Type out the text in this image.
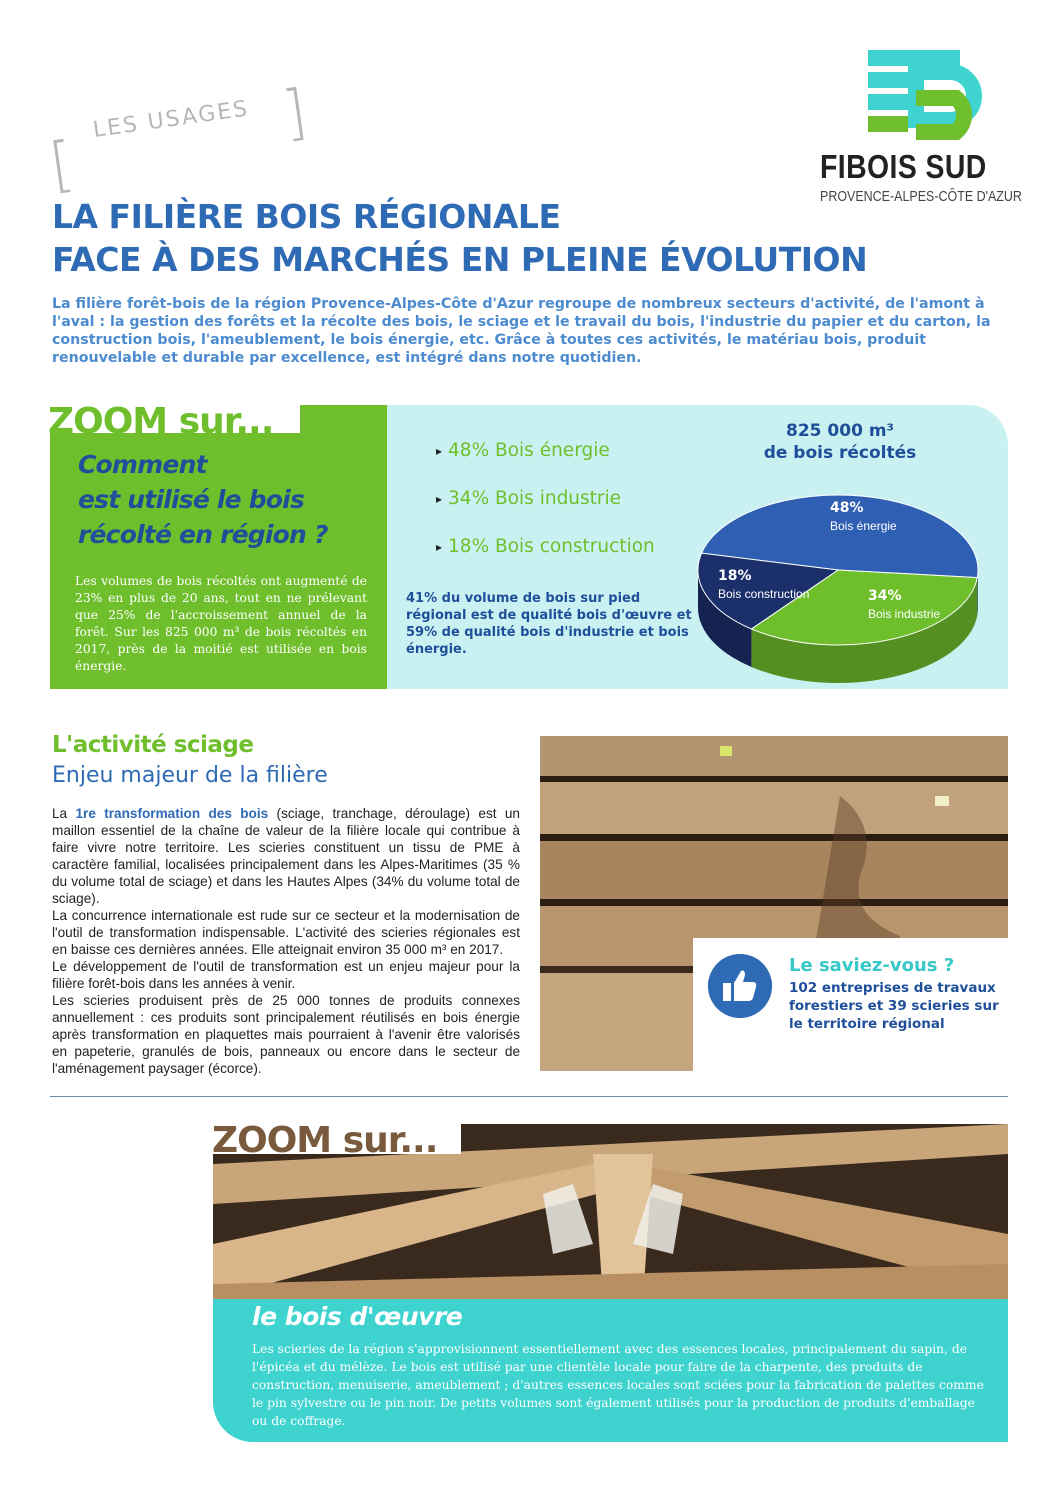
[
LES USAGES ]
LA FILIÈRE BOIS RÉGIONALE
FACE À DES MARCHÉS EN PLEINE ÉVOLUTION
FIBOIS SUD
PROVENCE-ALPES-CÔTE D'AZUR

La filière forêt-bois de la région Provence-Alpes-Côte d'Azur regroupe de nombreux secteurs d'activité, de l'amont à l'aval : la gestion des forêts et la récolte des bois, le sciage et le travail du bois, l'industrie du papier et du carton, la construction bois, l'ameublement, le bois énergie, etc. Grâce à toutes ces activités, le matériau bois, produit renouvelable et durable par excellence, est intégré dans notre quotidien.

ZOOM sur...
Comment
est utilisé le bois
récolté en région ?

Les volumes de bois récoltés ont augmenté de 23% en plus de 20 ans, tout en ne prélevant que 25% de l'accroissement annuel de la forêt. Sur les 825 000 m³ de bois récoltés en 2017, près de la moitié est utilisée en bois énergie.

▸ 48% Bois énergie
▸ 34% Bois industrie
▸ 18% Bois construction

41% du volume de bois sur pied régional est de qualité bois d'œuvre et
59% de qualité bois d'industrie et bois énergie.

825 000 m³
de bois récoltés
48%
Bois énergie
34%
Bois industrie
18%
Bois construction
L'activité sciage
Enjeu majeur de la filière

La 1re transformation des bois (sciage, tranchage, déroulage) est un maillon essentiel de la chaîne de valeur de la filière locale qui contribue à faire vivre notre territoire. Les scieries constituent un tissu de PME à caractère familial, localisées principalement dans les Alpes-Maritimes (35 % du volume total de sciage) et dans les Hautes Alpes (34% du volume total de sciage).

La concurrence internationale est rude sur ce secteur et la modernisation de l'outil de transformation indispensable. L'activité des scieries régionales est en baisse ces dernières années. Elle atteignait environ 35 000 m³ en 2017.

Le développement de l'outil de transformation est un enjeu majeur pour la filière forêt-bois dans les années à venir.

Les scieries produisent près de 25 000 tonnes de produits connexes annuellement : ces produits sont principalement réutilisés en bois énergie après transformation en plaquettes mais pourraient à l'avenir être valorisés en papeterie, granulés de bois, panneaux ou encore dans le secteur de l'aménagement paysager (écorce).

Le saviez-vous ?

102 entreprises de travaux forestiers et 39 scieries sur le territoire régional

ZOOM sur...
le bois d'œuvre

Les scieries de la région s'approvisionnent essentiellement avec des essences locales, principalement du sapin, de l'épicéa et du mélèze. Le bois est utilisé par une clientèle locale pour faire de la charpente, des produits de construction, menuiserie, ameublement ; d'autres essences locales sont sciées pour la fabrication de palettes comme le pin sylvestre ou le pin noir. De petits volumes sont également utilisés pour la production de produits d'emballage ou de coffrage.
